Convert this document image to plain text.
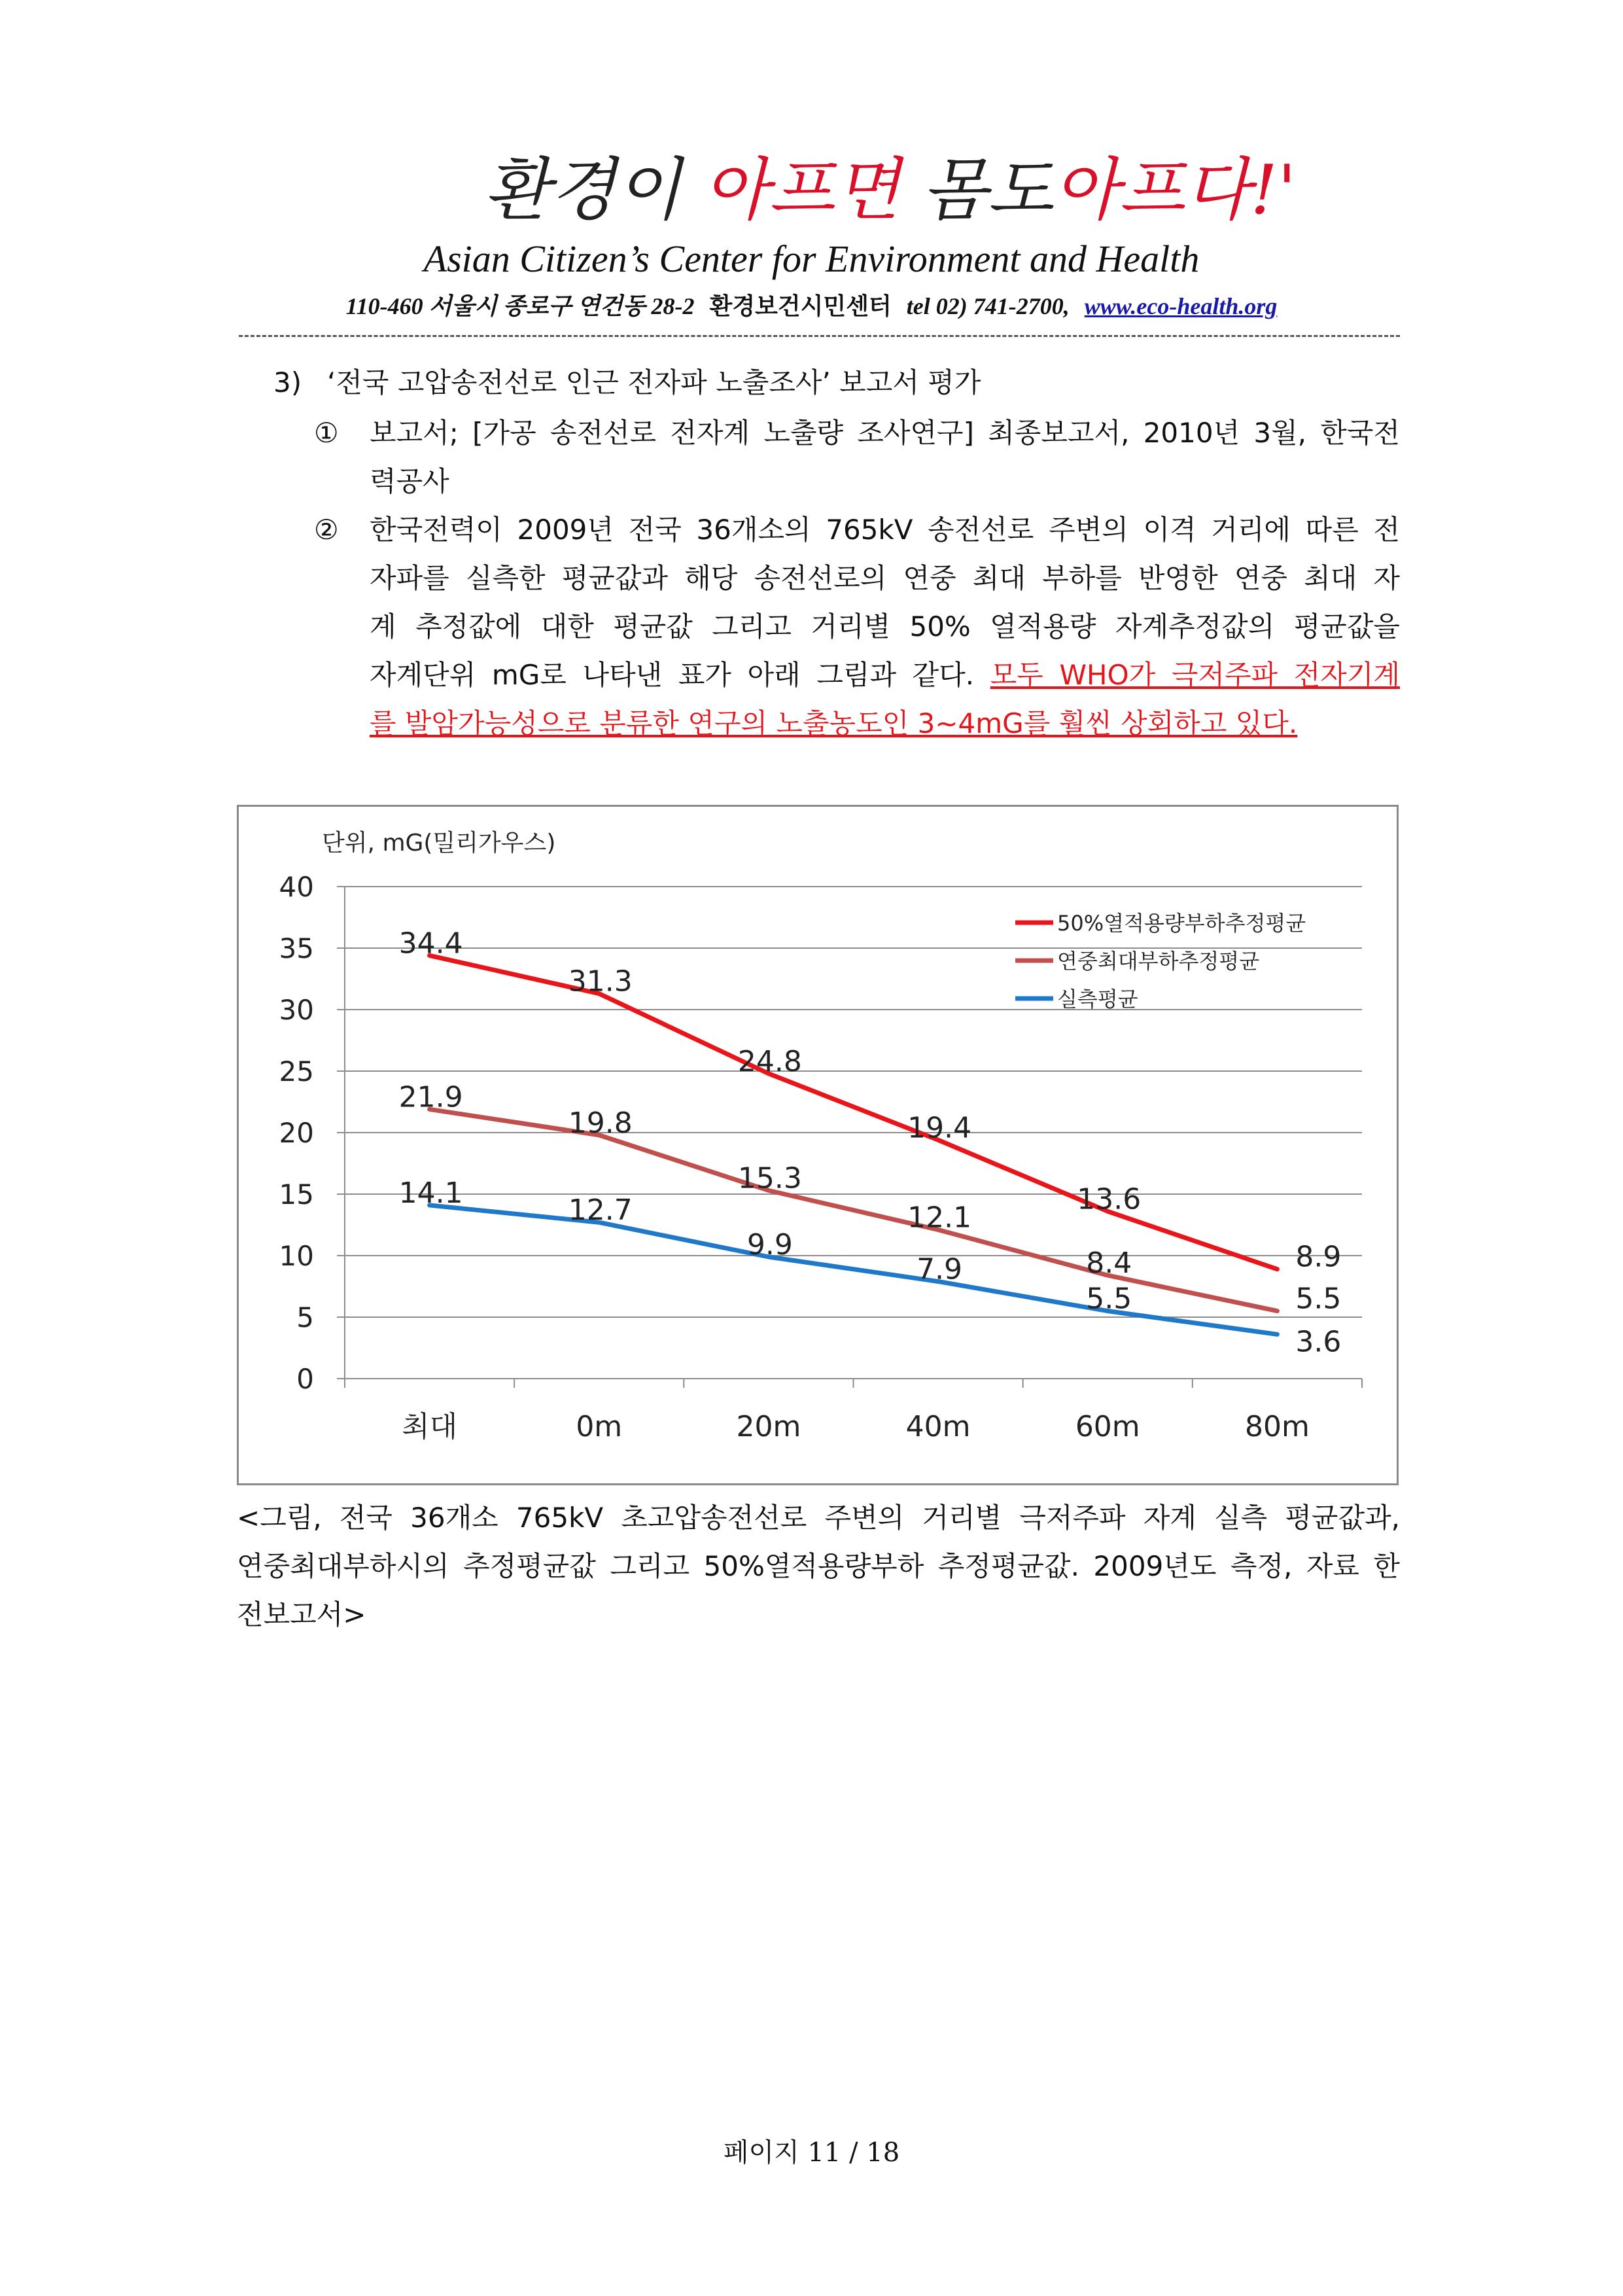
환경이 아프면 몸도아프다!'
Asian Citizen’s Center for Environment and Health
110-460 서울시 종로구 연건동 28-2 환경보건시민센터 tel 02) 741-2700, www.eco-health.org
3) ‘전국 고압송전선로 인근 전자파 노출조사’ 보고서 평가
① 보고서; [가공 송전선로 전자계 노출량 조사연구] 최종보고서, 2010년 3월, 한국전
력공사
② 한국전력이 2009년 전국 36개소의 765kV 송전선로 주변의 이격 거리에 따른 전
자파를 실측한 평균값과 해당 송전선로의 연중 최대 부하를 반영한 연중 최대 자
계 추정값에 대한 평균값 그리고 거리별 50% 열적용량 자계추정값의 평균값을
자계단위 mG로 나타낸 표가 아래 그림과 같다. 모두 WHO가 극저주파 전자기계
를 발암가능성으로 분류한 연구의 노출농도인 3~4mG를 훨씬 상회하고 있다.
단위, mG(밀리가우스)
0
5
10
15
20
25
30
35
40
최대	0m	20m	40m	60m	80m
34.4
31.3
24.8
19.4
13.6
8.9
21.9
19.8
15.3
12.1
8.4
5.5
14.1
12.7
9.9
7.9
5.5
3.6
50%열적용량부하추정평균
연중최대부하추정평균
실측평균
<그림, 전국 36개소 765kV 초고압송전선로 주변의 거리별 극저주파 자계 실측 평균값과,
연중최대부하시의 추정평균값 그리고 50%열적용량부하 추정평균값. 2009년도 측정, 자료 한
전보고서>
페이지 11 / 18
